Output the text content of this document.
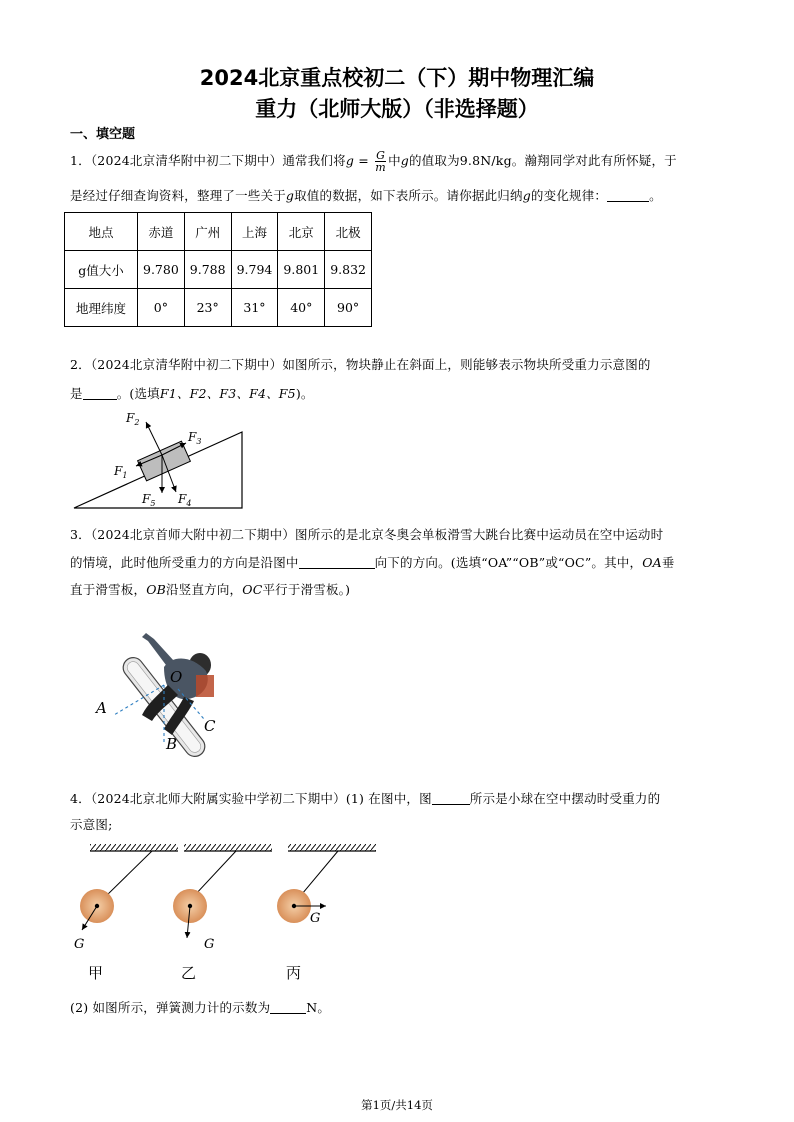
2024北京重点校初二（下）期中物理汇编
重力（北师大版）（非选择题）
一、填空题
1．（2024北京清华附中初二下期中）通常我们将$g = \frac{G}{m}$ 中g的值取为9.8N/kg。瀚翔同学对此有所怀疑，于
是经过仔细查询资料，整理了一些关于g取值的数据，如下表所示。请你据此归纳g的变化规律：	。
地点	赤道	广州	上海	北京	北极
g值大小	9.780	9.788	9.794	9.801	9.832
地理纬度	0°	23°	31°	40°	90°
2．（2024北京清华附中初二下期中）如图所示，物块静止在斜面上，则能够表示物块所受重力示意图的
是	。(选填F1、F2、F3、F4、F5)。
$F_2$
$F_3$
$F_1$
$F_5$ $F_4$
3．（2024北京首师大附中初二下期中）图所示的是北京冬奥会单板滑雪大跳台比赛中运动员在空中运动时
的情境，此时他所受重力的方向是沿图中	向下的方向。(选填“OA”“OB”或“OC”。其中，OA垂
直于滑雪板，OB沿竖直方向，OC平行于滑雪板。)
O
A
B
C
4．（2024北京北师大附属实验中学初二下期中）(1) 在图中，图	所示是小球在空中摆动时受重力的
示意图;
G	G
G
甲	乙	丙
(2) 如图所示，弹簧测力计的示数为	N。
第1页/共14页
